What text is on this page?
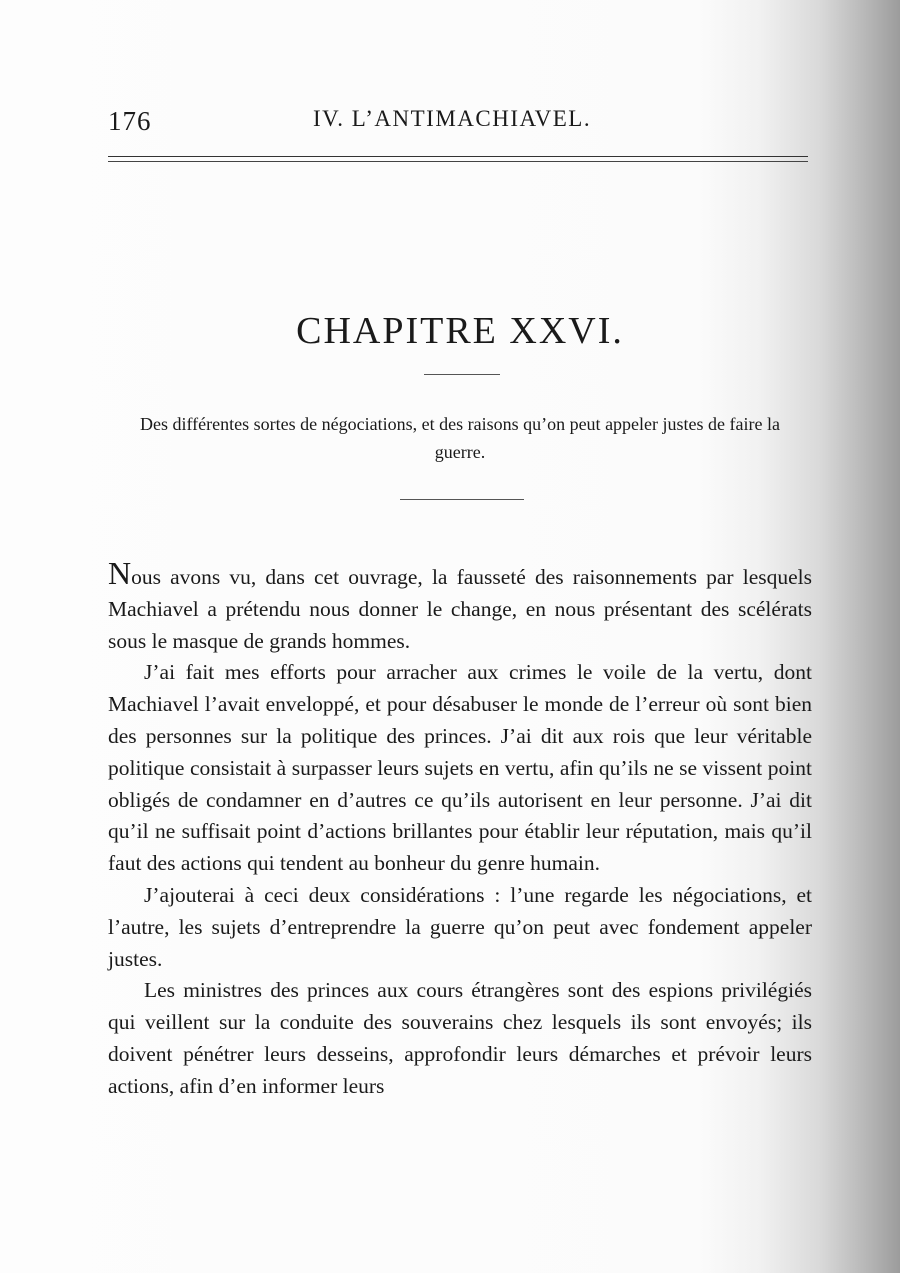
176	IV. L’ANTIMACHIAVEL.
CHAPITRE XXVI.

Des différentes sortes de négociations, et des raisons qu’on peut appeler justes de faire la guerre.

Nous avons vu, dans cet ouvrage, la fausseté des raisonnements par lesquels Machiavel a prétendu nous donner le change, en nous présentant des scélérats sous le masque de grands hommes.

J’ai fait mes efforts pour arracher aux crimes le voile de la vertu, dont Machiavel l’avait enveloppé, et pour désabuser le monde de l’erreur où sont bien des personnes sur la politique des princes. J’ai dit aux rois que leur véritable politique consistait à surpasser leurs sujets en vertu, afin qu’ils ne se vissent point obligés de condamner en d’autres ce qu’ils autorisent en leur personne. J’ai dit qu’il ne suffisait point d’actions brillantes pour établir leur réputation, mais qu’il faut des actions qui tendent au bonheur du genre humain.

J’ajouterai à ceci deux considérations : l’une regarde les négociations, et l’autre, les sujets d’entreprendre la guerre qu’on peut avec fondement appeler justes.

Les ministres des princes aux cours étrangères sont des espions privilégiés qui veillent sur la conduite des souverains chez lesquels ils sont envoyés; ils doivent pénétrer leurs desseins, approfondir leurs démarches et prévoir leurs actions, afin d’en informer leurs
